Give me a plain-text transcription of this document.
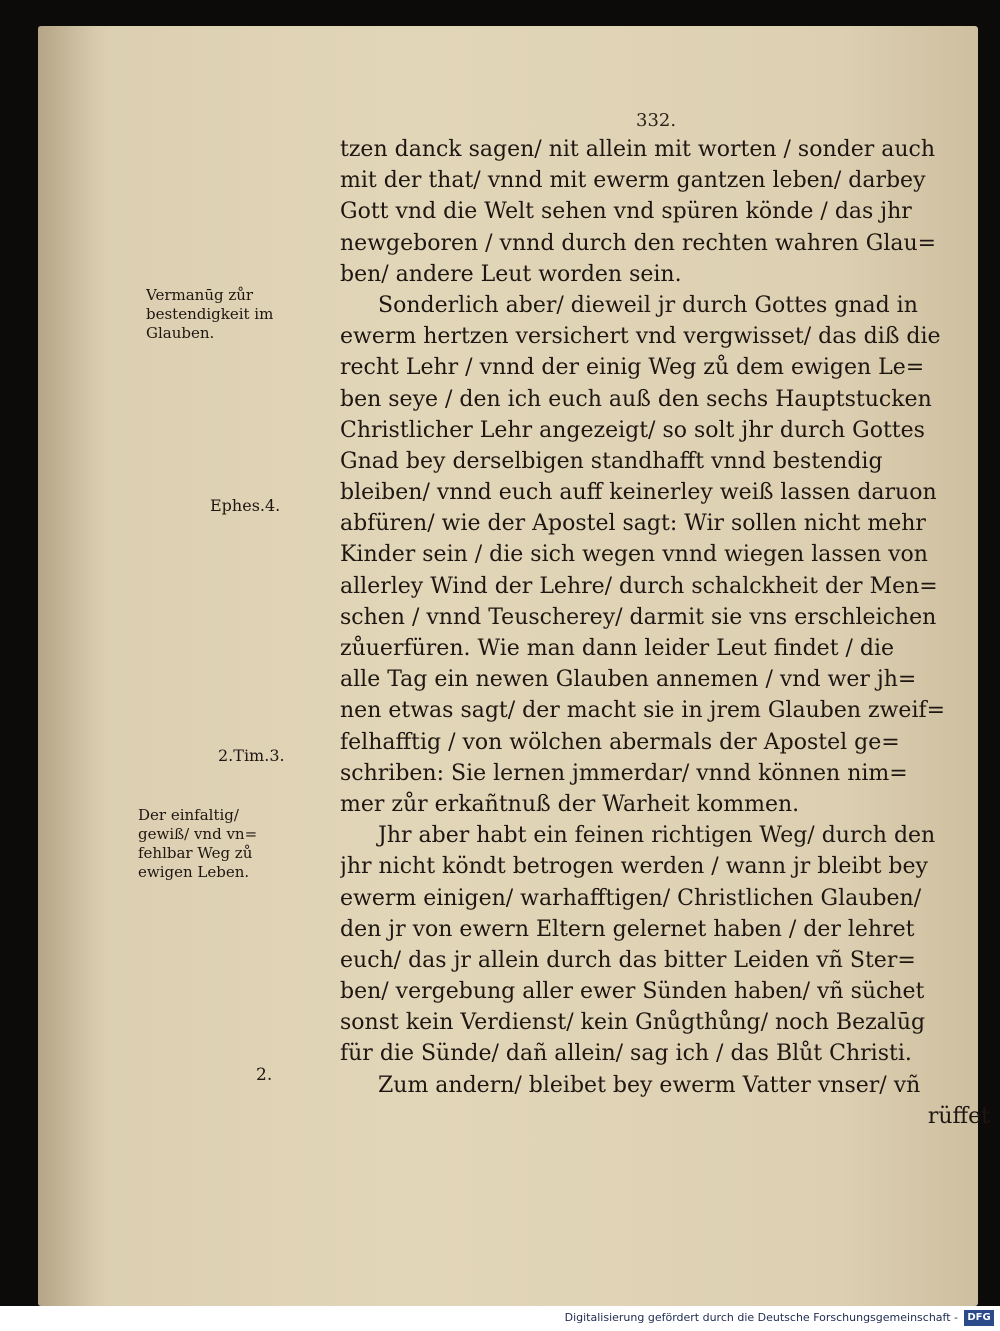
332.
tzen danck sagen/ nit allein mit worten / sonder auch
mit der that/ vnnd mit ewerm gantzen leben/ darbey
Gott vnd die Welt sehen vnd spüren könde / das jhr
newgeboren / vnnd durch den rechten wahren Glau=
ben/ andere Leut worden sein.
Sonderlich aber/ dieweil jr durch Gottes gnad in
ewerm hertzen versichert vnd vergwisset/ das diß die
recht Lehr / vnnd der einig Weg zů dem ewigen Le=
ben seye / den ich euch auß den sechs Hauptstucken
Christlicher Lehr angezeigt/ so solt jhr durch Gottes
Gnad bey derselbigen standhafft vnnd bestendig
bleiben/ vnnd euch auff keinerley weiß lassen daruon
abfüren/ wie der Apostel sagt: Wir sollen nicht mehr
Kinder sein / die sich wegen vnnd wiegen lassen von
allerley Wind der Lehre/ durch schalckheit der Men=
schen / vnnd Teuscherey/ darmit sie vns erschleichen
zůuerfüren. Wie man dann leider Leut findet / die
alle Tag ein newen Glauben annemen / vnd wer jh=
nen etwas sagt/ der macht sie in jrem Glauben zweif=
felhafftig / von wölchen abermals der Apostel ge=
schriben: Sie lernen jmmerdar/ vnnd können nim=
mer zůr erkañtnuß der Warheit kommen.
Jhr aber habt ein feinen richtigen Weg/ durch den
jhr nicht köndt betrogen werden / wann jr bleibt bey
ewerm einigen/ warhafftigen/ Christlichen Glauben/
den jr von ewern Eltern gelernet haben / der lehret
euch/ das jr allein durch das bitter Leiden vñ Ster=
ben/ vergebung aller ewer Sünden haben/ vñ süchet
sonst kein Verdienst/ kein Gnůgthůng/ noch Bezalūg
für die Sünde/ dañ allein/ sag ich / das Blůt Christi.
Zum andern/ bleibet bey ewerm Vatter vnser/ vñ
rüffet
Vermanūg zůr
bestendigkeit im
Glauben.
Ephes.4.
2.Tim.3.
Der einfaltig/
gewiß/ vnd vn=
fehlbar Weg zů
ewigen Leben.
2.
Digitalisierung gefördert durch die Deutsche Forschungsgemeinschaft - DFG
